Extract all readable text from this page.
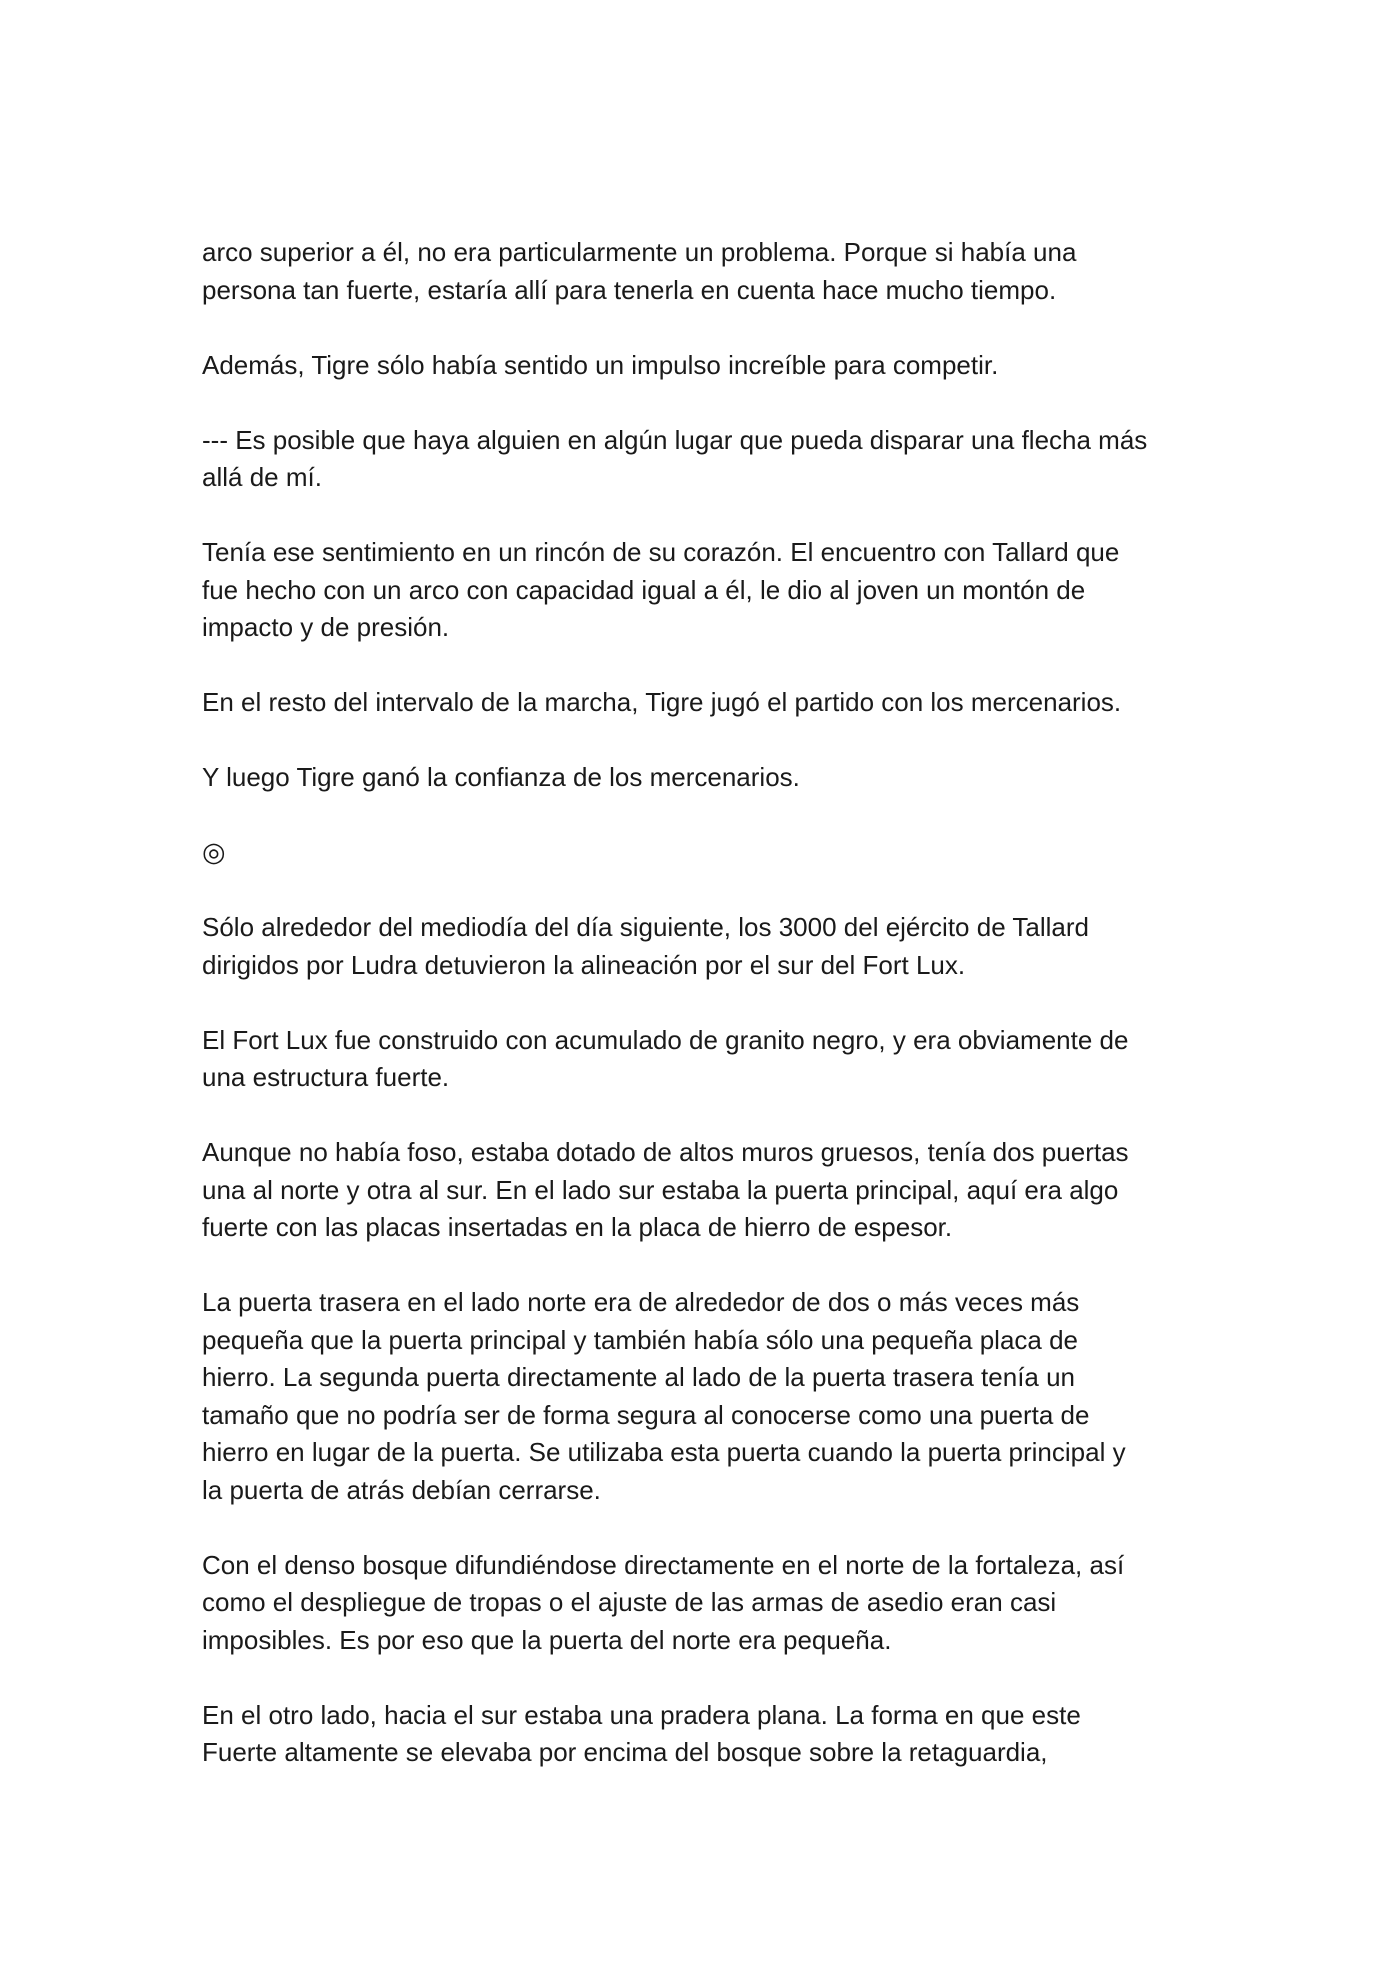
arco superior a él, no era particularmente un problema. Porque si había una
persona tan fuerte, estaría allí para tenerla en cuenta hace mucho tiempo.

Además, Tigre sólo había sentido un impulso increíble para competir.

--- Es posible que haya alguien en algún lugar que pueda disparar una flecha más
allá de mí.

Tenía ese sentimiento en un rincón de su corazón. El encuentro con Tallard que
fue hecho con un arco con capacidad igual a él, le dio al joven un montón de
impacto y de presión.

En el resto del intervalo de la marcha, Tigre jugó el partido con los mercenarios.

Y luego Tigre ganó la confianza de los mercenarios.

◎

Sólo alrededor del mediodía del día siguiente, los 3000 del ejército de Tallard
dirigidos por Ludra detuvieron la alineación por el sur del Fort Lux.

El Fort Lux fue construido con acumulado de granito negro, y era obviamente de
una estructura fuerte.

Aunque no había foso, estaba dotado de altos muros gruesos, tenía dos puertas
una al norte y otra al sur. En el lado sur estaba la puerta principal, aquí era algo
fuerte con las placas insertadas en la placa de hierro de espesor.

La puerta trasera en el lado norte era de alrededor de dos o más veces más
pequeña que la puerta principal y también había sólo una pequeña placa de
hierro. La segunda puerta directamente al lado de la puerta trasera tenía un
tamaño que no podría ser de forma segura al conocerse como una puerta de
hierro en lugar de la puerta. Se utilizaba esta puerta cuando la puerta principal y
la puerta de atrás debían cerrarse.

Con el denso bosque difundiéndose directamente en el norte de la fortaleza, así
como el despliegue de tropas o el ajuste de las armas de asedio eran casi
imposibles. Es por eso que la puerta del norte era pequeña.

En el otro lado, hacia el sur estaba una pradera plana. La forma en que este
Fuerte altamente se elevaba por encima del bosque sobre la retaguardia,
